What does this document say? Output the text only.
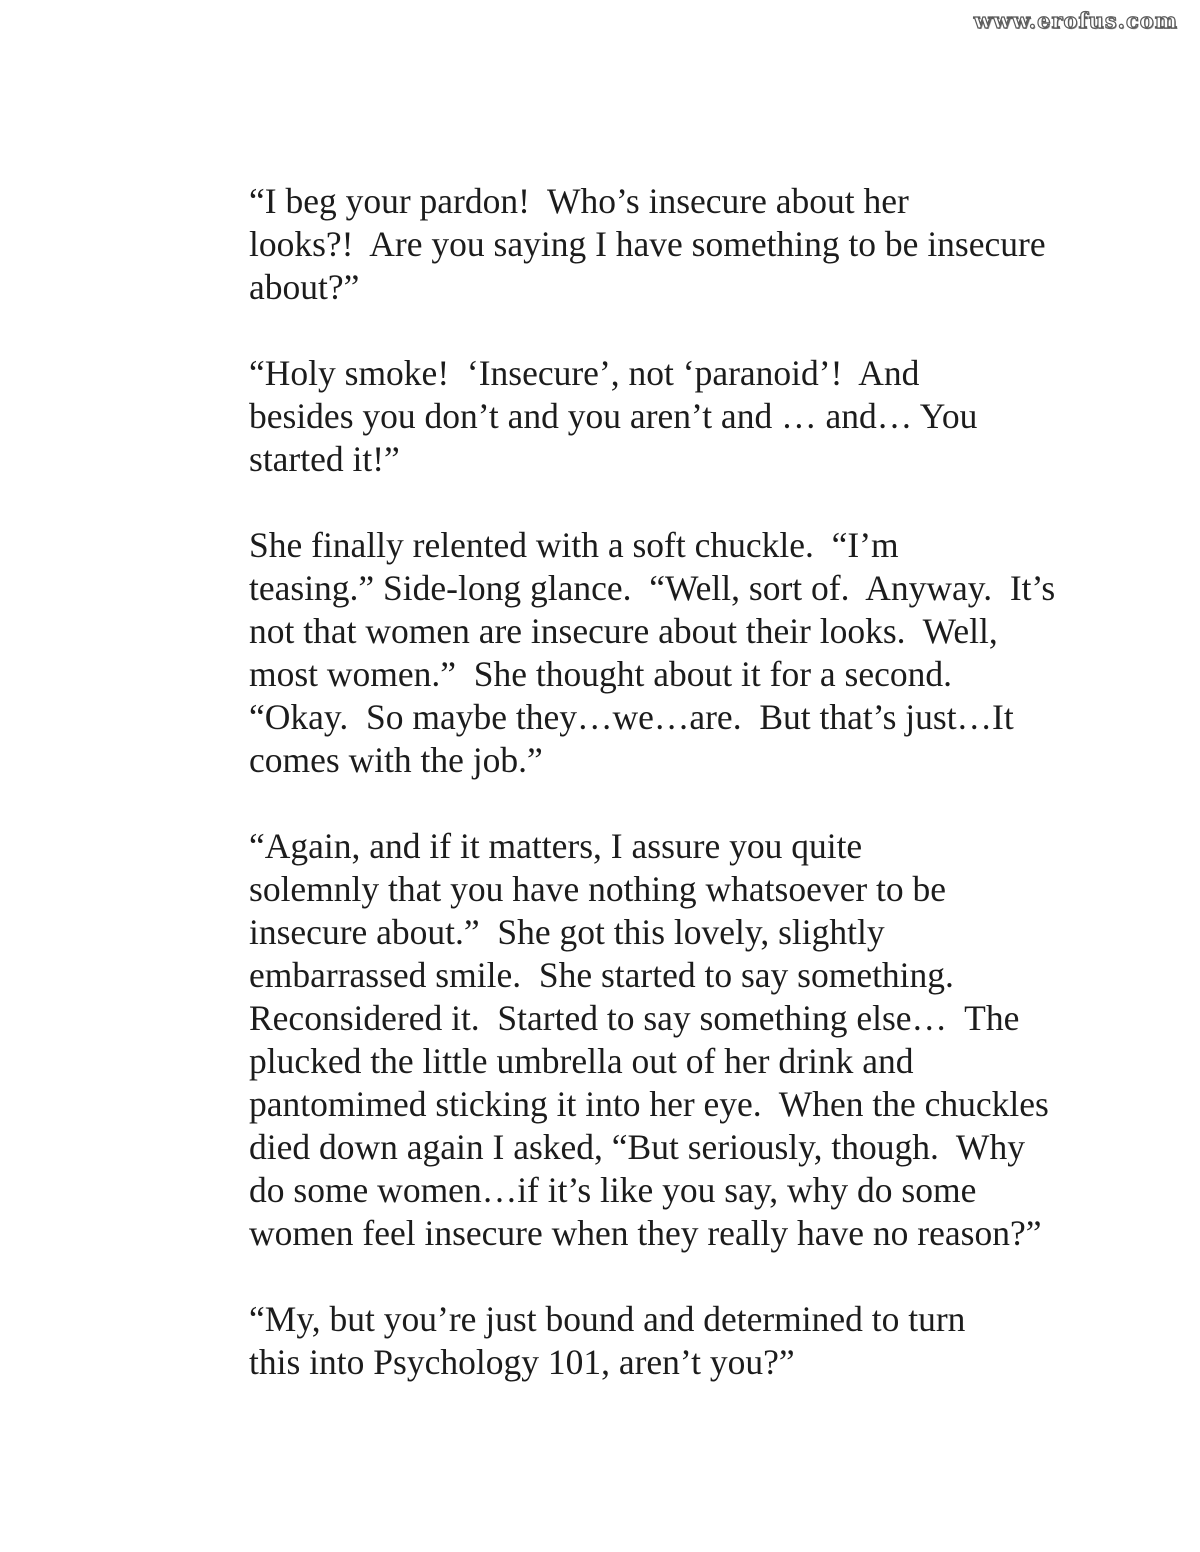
www.erofus.com

“I beg your pardon!  Who’s insecure about her
looks?!  Are you saying I have something to be insecure
about?”

“Holy smoke!  ‘Insecure’, not ‘paranoid’!  And
besides you don’t and you aren’t and … and… You
started it!”

She finally relented with a soft chuckle.  “I’m
teasing.” Side-long glance.  “Well, sort of.  Anyway.  It’s
not that women are insecure about their looks.  Well,
most women.”  She thought about it for a second.
“Okay.  So maybe they…we…are.  But that’s just…It
comes with the job.”

“Again, and if it matters, I assure you quite
solemnly that you have nothing whatsoever to be
insecure about.”  She got this lovely, slightly
embarrassed smile.  She started to say something.
Reconsidered it.  Started to say something else…  The
plucked the little umbrella out of her drink and
pantomimed sticking it into her eye.  When the chuckles
died down again I asked, “But seriously, though.  Why
do some women…if it’s like you say, why do some
women feel insecure when they really have no reason?”

“My, but you’re just bound and determined to turn
this into Psychology 101, aren’t you?”
